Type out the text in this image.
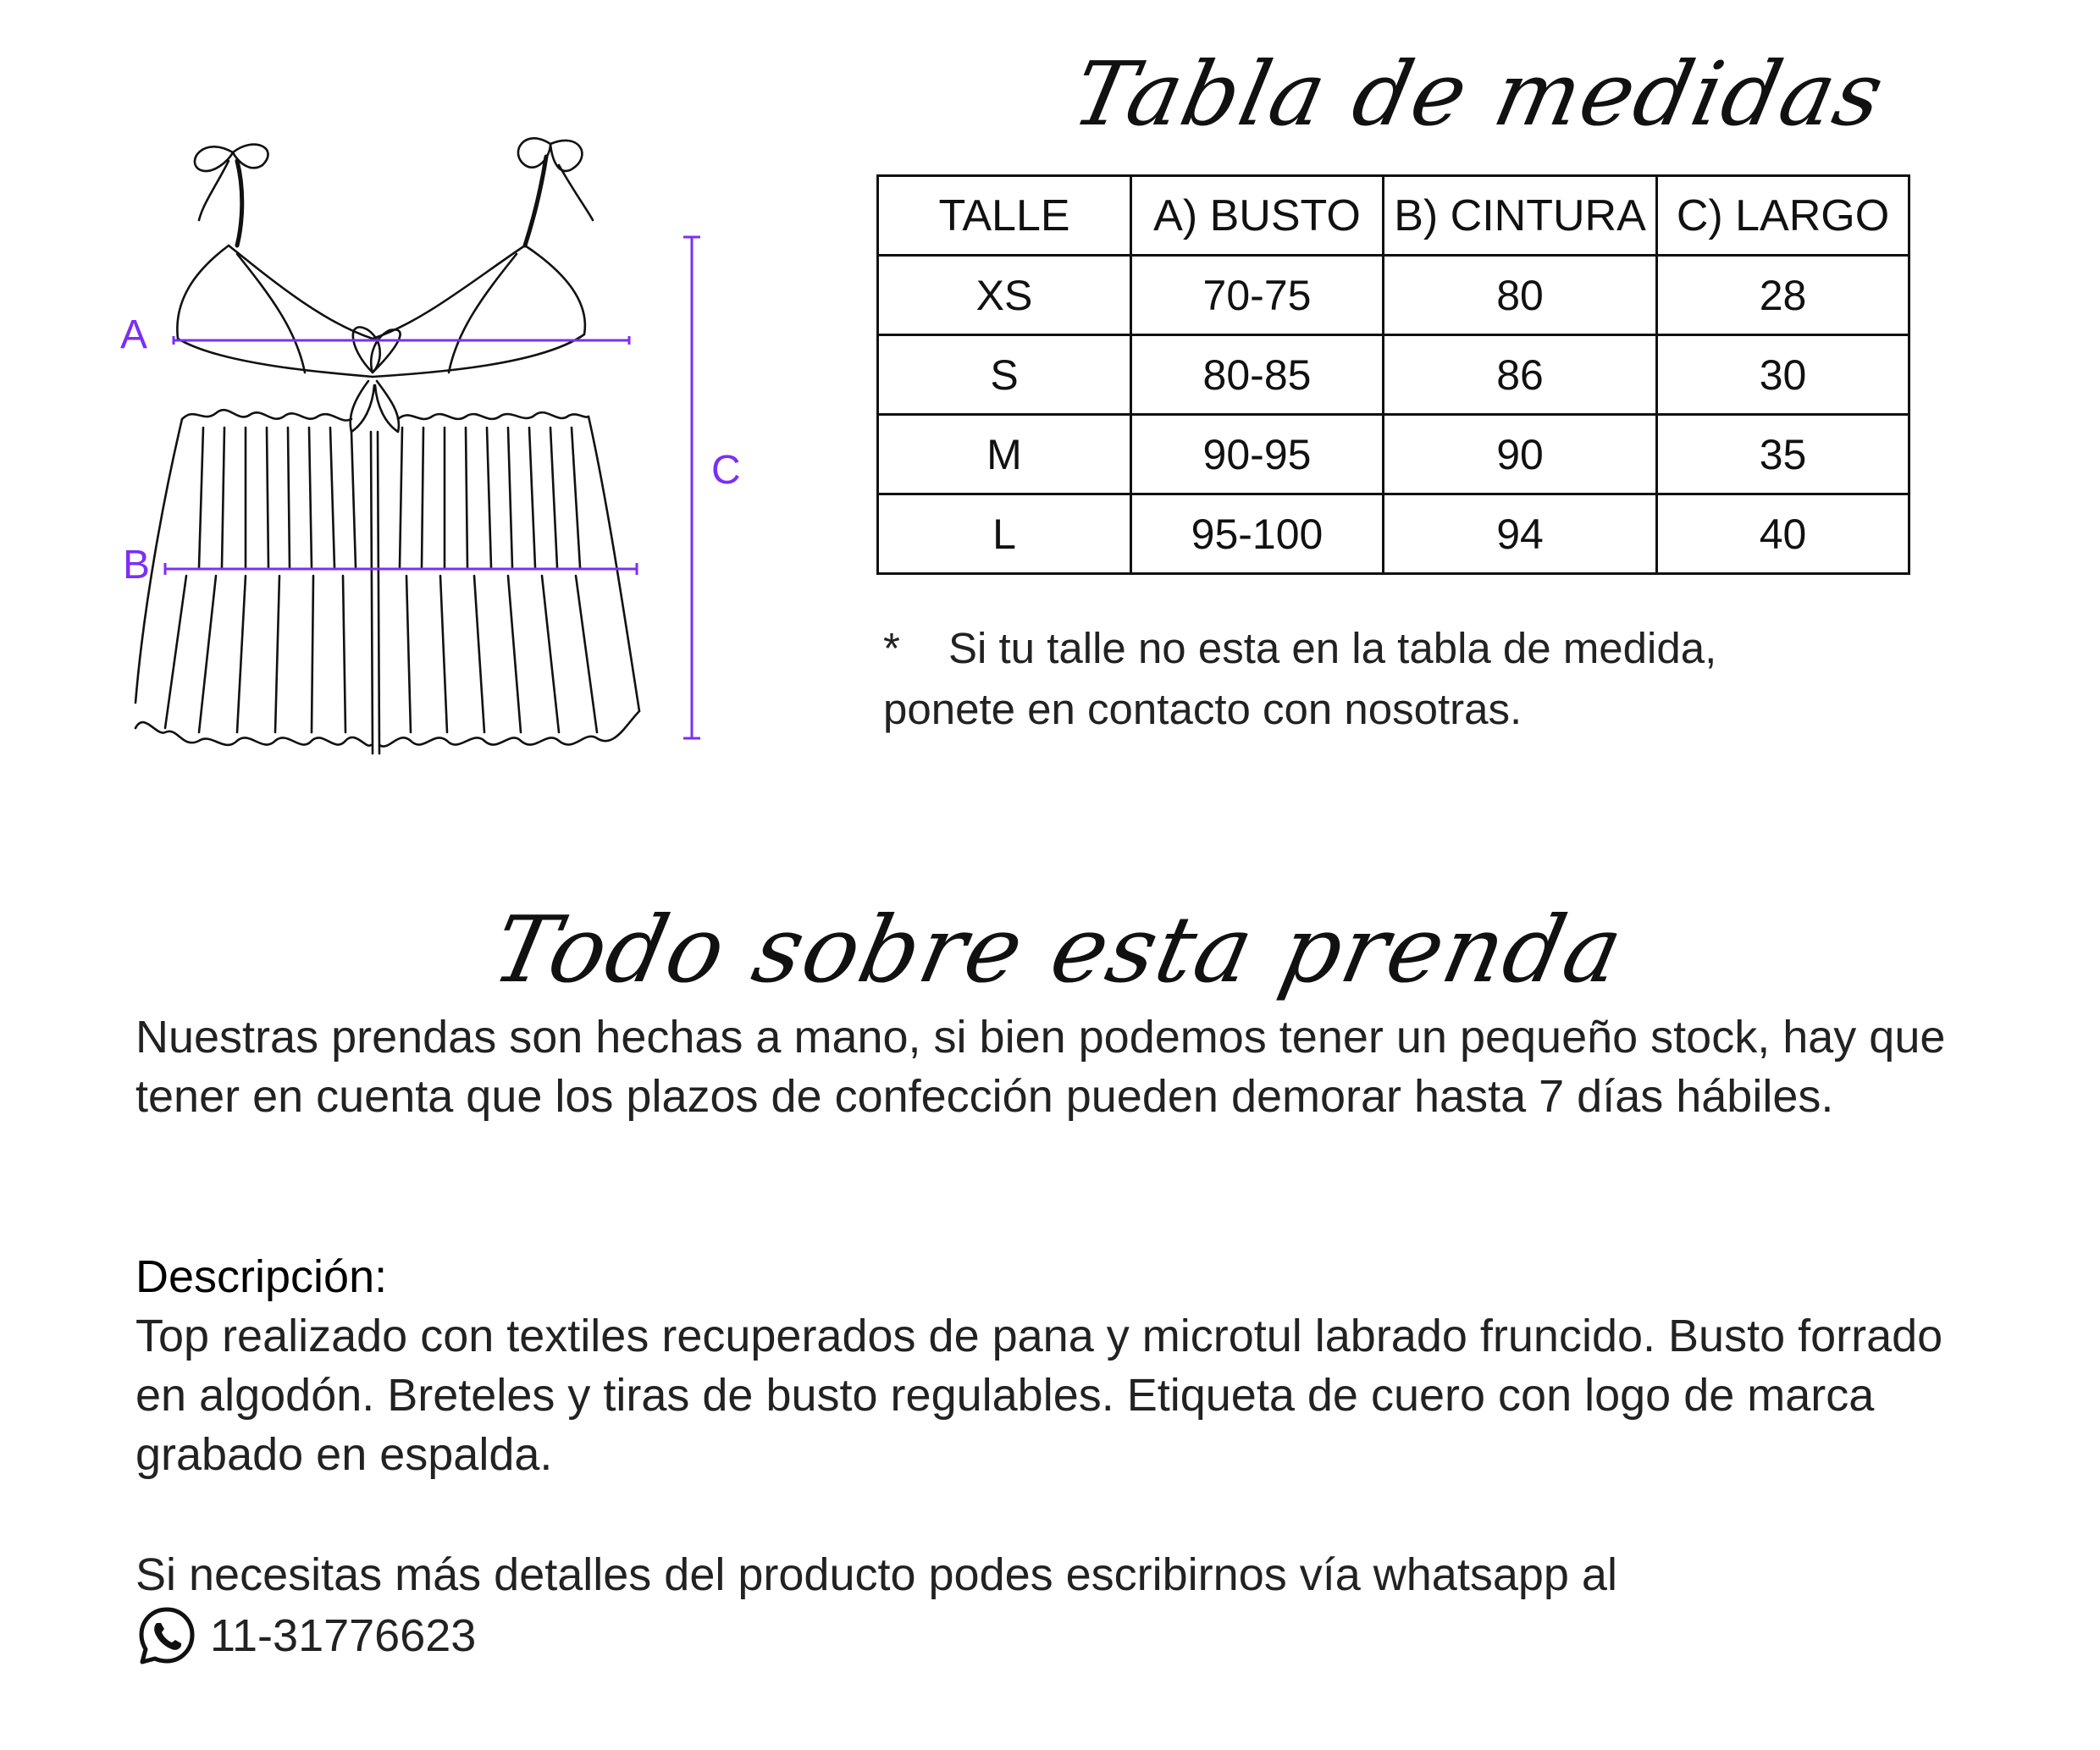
A
B
C
Tabla de medidas
TALLE	A) BUSTO	B) CINTURA	C) LARGO
XS	70-75	80	28
S	80-85	86	30
M	90-95	90	35
L	95-100	94	40
* Si tu talle no esta en la tabla de medida,
ponete en contacto con nosotras.
Todo sobre esta prenda
Nuestras prendas son hechas a mano, si bien podemos tener un pequeño stock, hay que tener en cuenta que los plazos de confección pueden demorar hasta 7 días hábiles.
Descripción:
Top realizado con textiles recuperados de pana y microtul labrado fruncido. Busto forrado en algodón. Breteles y tiras de busto regulables. Etiqueta de cuero con logo de marca grabado en espalda.
Si necesitas más detalles del producto podes escribirnos vía whatsapp al
11-31776623
